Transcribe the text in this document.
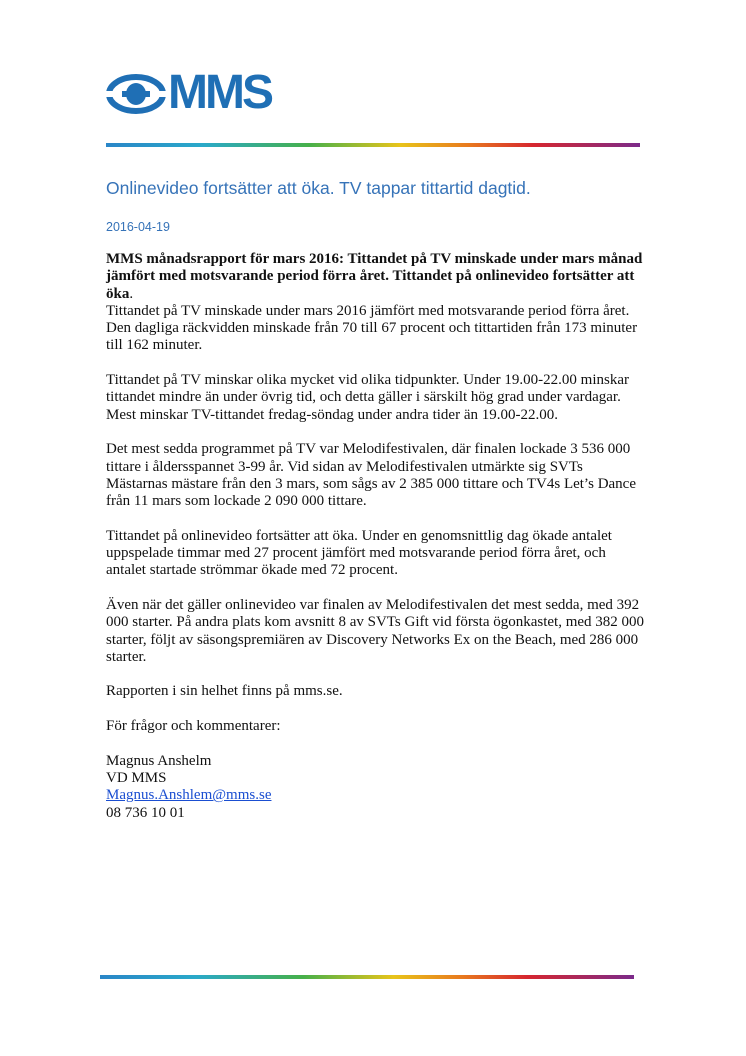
MMS
Onlinevideo fortsätter att öka. TV tappar tittartid dagtid.
2016-04-19

MMS månadsrapport för mars 2016: Tittandet på TV minskade under mars månad jämfört med motsvarande period förra året. Tittandet på onlinevideo fortsätter att öka.

Tittandet på TV minskade under mars 2016 jämfört med motsvarande period förra året. Den dagliga räckvidden minskade från 70 till 67 procent och tittartiden från 173 minuter till 162 minuter.

Tittandet på TV minskar olika mycket vid olika tidpunkter. Under 19.00-22.00 minskar tittandet mindre än under övrig tid, och detta gäller i särskilt hög grad under vardagar. Mest minskar TV-tittandet fredag-söndag under andra tider än 19.00-22.00.

Det mest sedda programmet på TV var Melodifestivalen, där finalen lockade 3 536 000 tittare i åldersspannet 3-99 år. Vid sidan av Melodifestivalen utmärkte sig SVTs Mästarnas mästare från den 3 mars, som sågs av 2 385 000 tittare och TV4s Let’s Dance från 11 mars som lockade 2 090 000 tittare.

Tittandet på onlinevideo fortsätter att öka. Under en genomsnittlig dag ökade antalet uppspelade timmar med 27 procent jämfört med motsvarande period förra året, och antalet startade strömmar ökade med 72 procent.

Även när det gäller onlinevideo var finalen av Melodifestivalen det mest sedda, med 392 000 starter. På andra plats kom avsnitt 8 av SVTs Gift vid första ögonkastet, med 382 000 starter, följt av säsongspremiären av Discovery Networks Ex on the Beach, med 286 000 starter.

Rapporten i sin helhet finns på mms.se.

För frågor och kommentarer:

Magnus Anshelm
VD MMS
Magnus.Anshlem@mms.se
08 736 10 01
